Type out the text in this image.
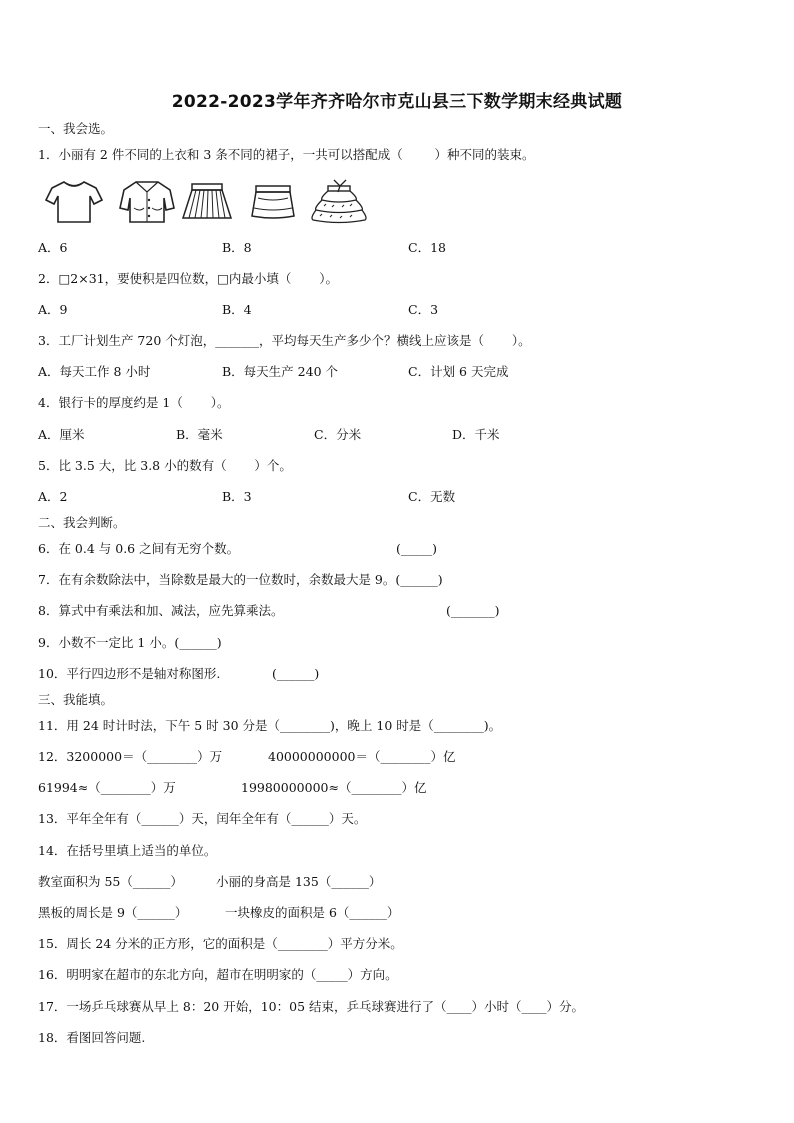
2022-2023学年齐齐哈尔市克山县三下数学期末经典试题
一、我会选。
1．小丽有 2 件不同的上衣和 3 条不同的裙子，一共可以搭配成（        ）种不同的装束。
A．6	B．8	C．18
2．□2×31，要使积是四位数，□内最小填（       ）。
A．9	B．4	C．3
3．工厂计划生产 720 个灯泡，_______，平均每天生产多少个？横线上应该是（       ）。
A．每天工作 8 小时	B．每天生产 240 个	C．计划 6 天完成
4．银行卡的厚度约是 1（       ）。
A．厘米	B．毫米	C．分米	D．千米
5．比 3.5 大，比 3.8 小的数有（       ）个。
A．2	B．3	C．无数
二、我会判断。
6．在 0.4 与 0.6 之间有无穷个数。	(_____)
7．在有余数除法中，当除数是最大的一位数时，余数最大是 9。(______)
8．算式中有乘法和加、减法，应先算乘法。	(_______)
9．小数不一定比 1 小。(______)
10．平行四边形不是轴对称图形.	(______)
三、我能填。
11．用 24 时计时法，下午 5 时 30 分是（________)，晚上 10 时是（________)。
12．3200000＝（________）万	40000000000＝（________）亿
61994≈（________）万	19980000000≈（________）亿
13．平年全年有（______）天，闰年全年有（______）天。
14．在括号里填上适当的单位。
教室面积为 55（______）	小丽的身高是 135（______）
黑板的周长是 9（______）	一块橡皮的面积是 6（______）
15．周长 24 分米的正方形，它的面积是（________）平方分米。
16．明明家在超市的东北方向，超市在明明家的（_____）方向。
17．一场乒乓球赛从早上 8：20 开始，10：05 结束，乒乓球赛进行了（____）小时（____）分。
18．看图回答问题.
